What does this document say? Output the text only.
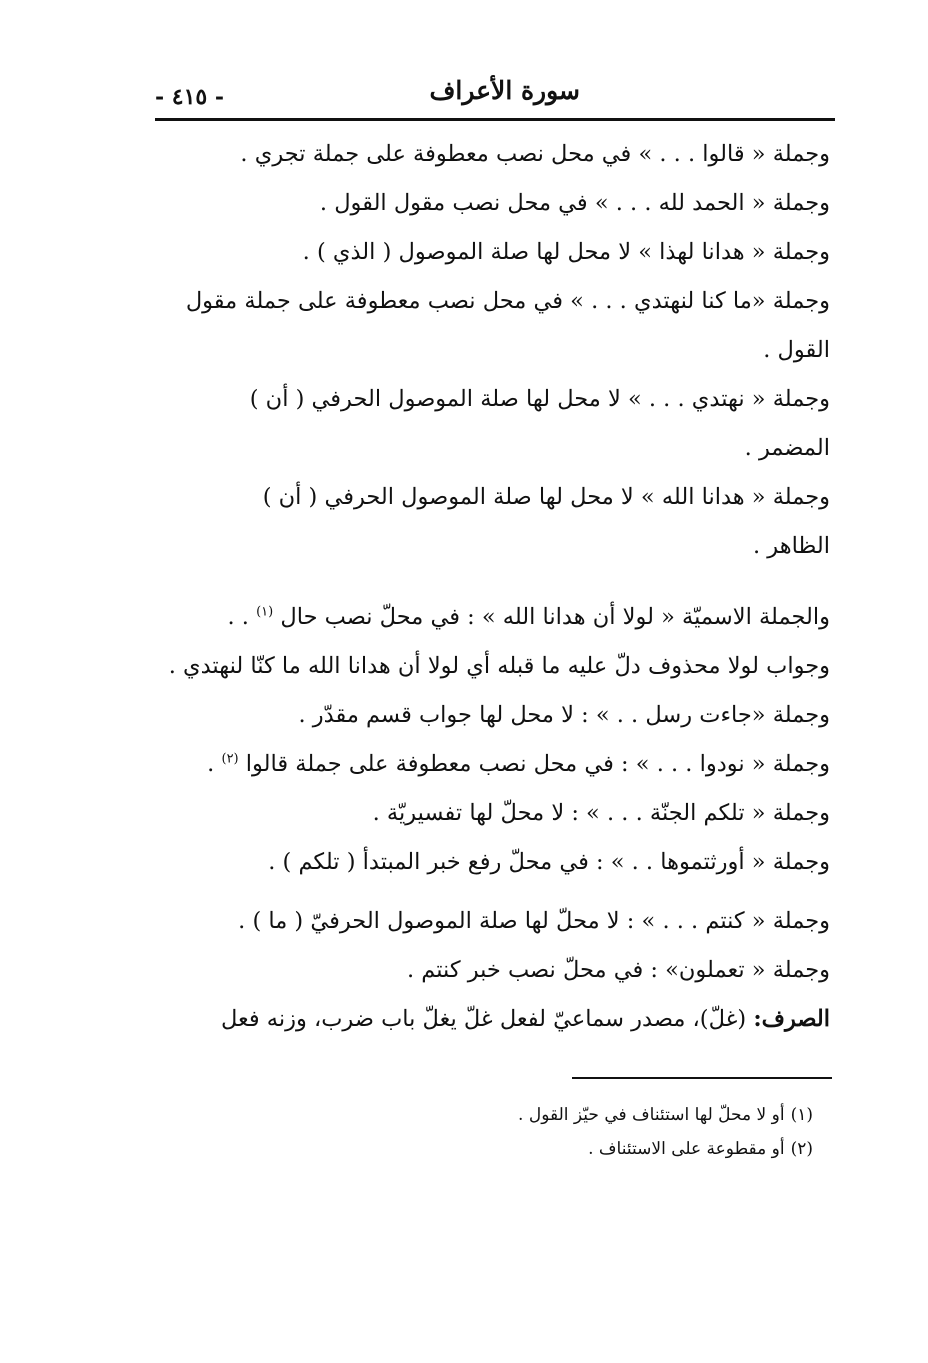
سورة الأعراف
- ٤١٥ -

وجملة « قالوا . . . » في محل نصب معطوفة على جملة تجري .

وجملة « الحمد لله . . . » في محل نصب مقول القول .

وجملة « هدانا لهذا » لا محل لها صلة الموصول ( الذي ) .

وجملة «ما كنا لنهتدي . . . » في محل نصب معطوفة على جملة مقول
القول .

وجملة « نهتدي . . . » لا محل لها صلة الموصول الحرفي ( أن )
المضمر .

وجملة « هدانا الله » لا محل لها صلة الموصول الحرفي ( أن )
الظاهر .

والجملة الاسميّة « لولا أن هدانا الله » : في محلّ نصب حال $^{(١)}$ . .

وجواب لولا محذوف دلّ عليه ما قبله أي لولا أن هدانا الله ما كنّا لنهتدي .

وجملة «جاءت رسل . . » : لا محل لها جواب قسم مقدّر .

وجملة « نودوا . . . » : في محل نصب معطوفة على جملة قالوا $^{(٢)}$ .

وجملة « تلكم الجنّة . . . » : لا محلّ لها تفسيريّة .

وجملة « أورثتموها . . » : في محلّ رفع خبر المبتدأ ( تلكم ) .

وجملة « كنتم . . . » : لا محلّ لها صلة الموصول الحرفيّ ( ما ) .

وجملة « تعملون» : في محلّ نصب خبر كنتم .

الصرف: (غلّ)، مصدر سماعيّ لفعل غلّ يغلّ باب ضرب، وزنه فعل

(١)أو لا محلّ لها استئناف في حيّز القول .

(٢)أو مقطوعة على الاستئناف .
